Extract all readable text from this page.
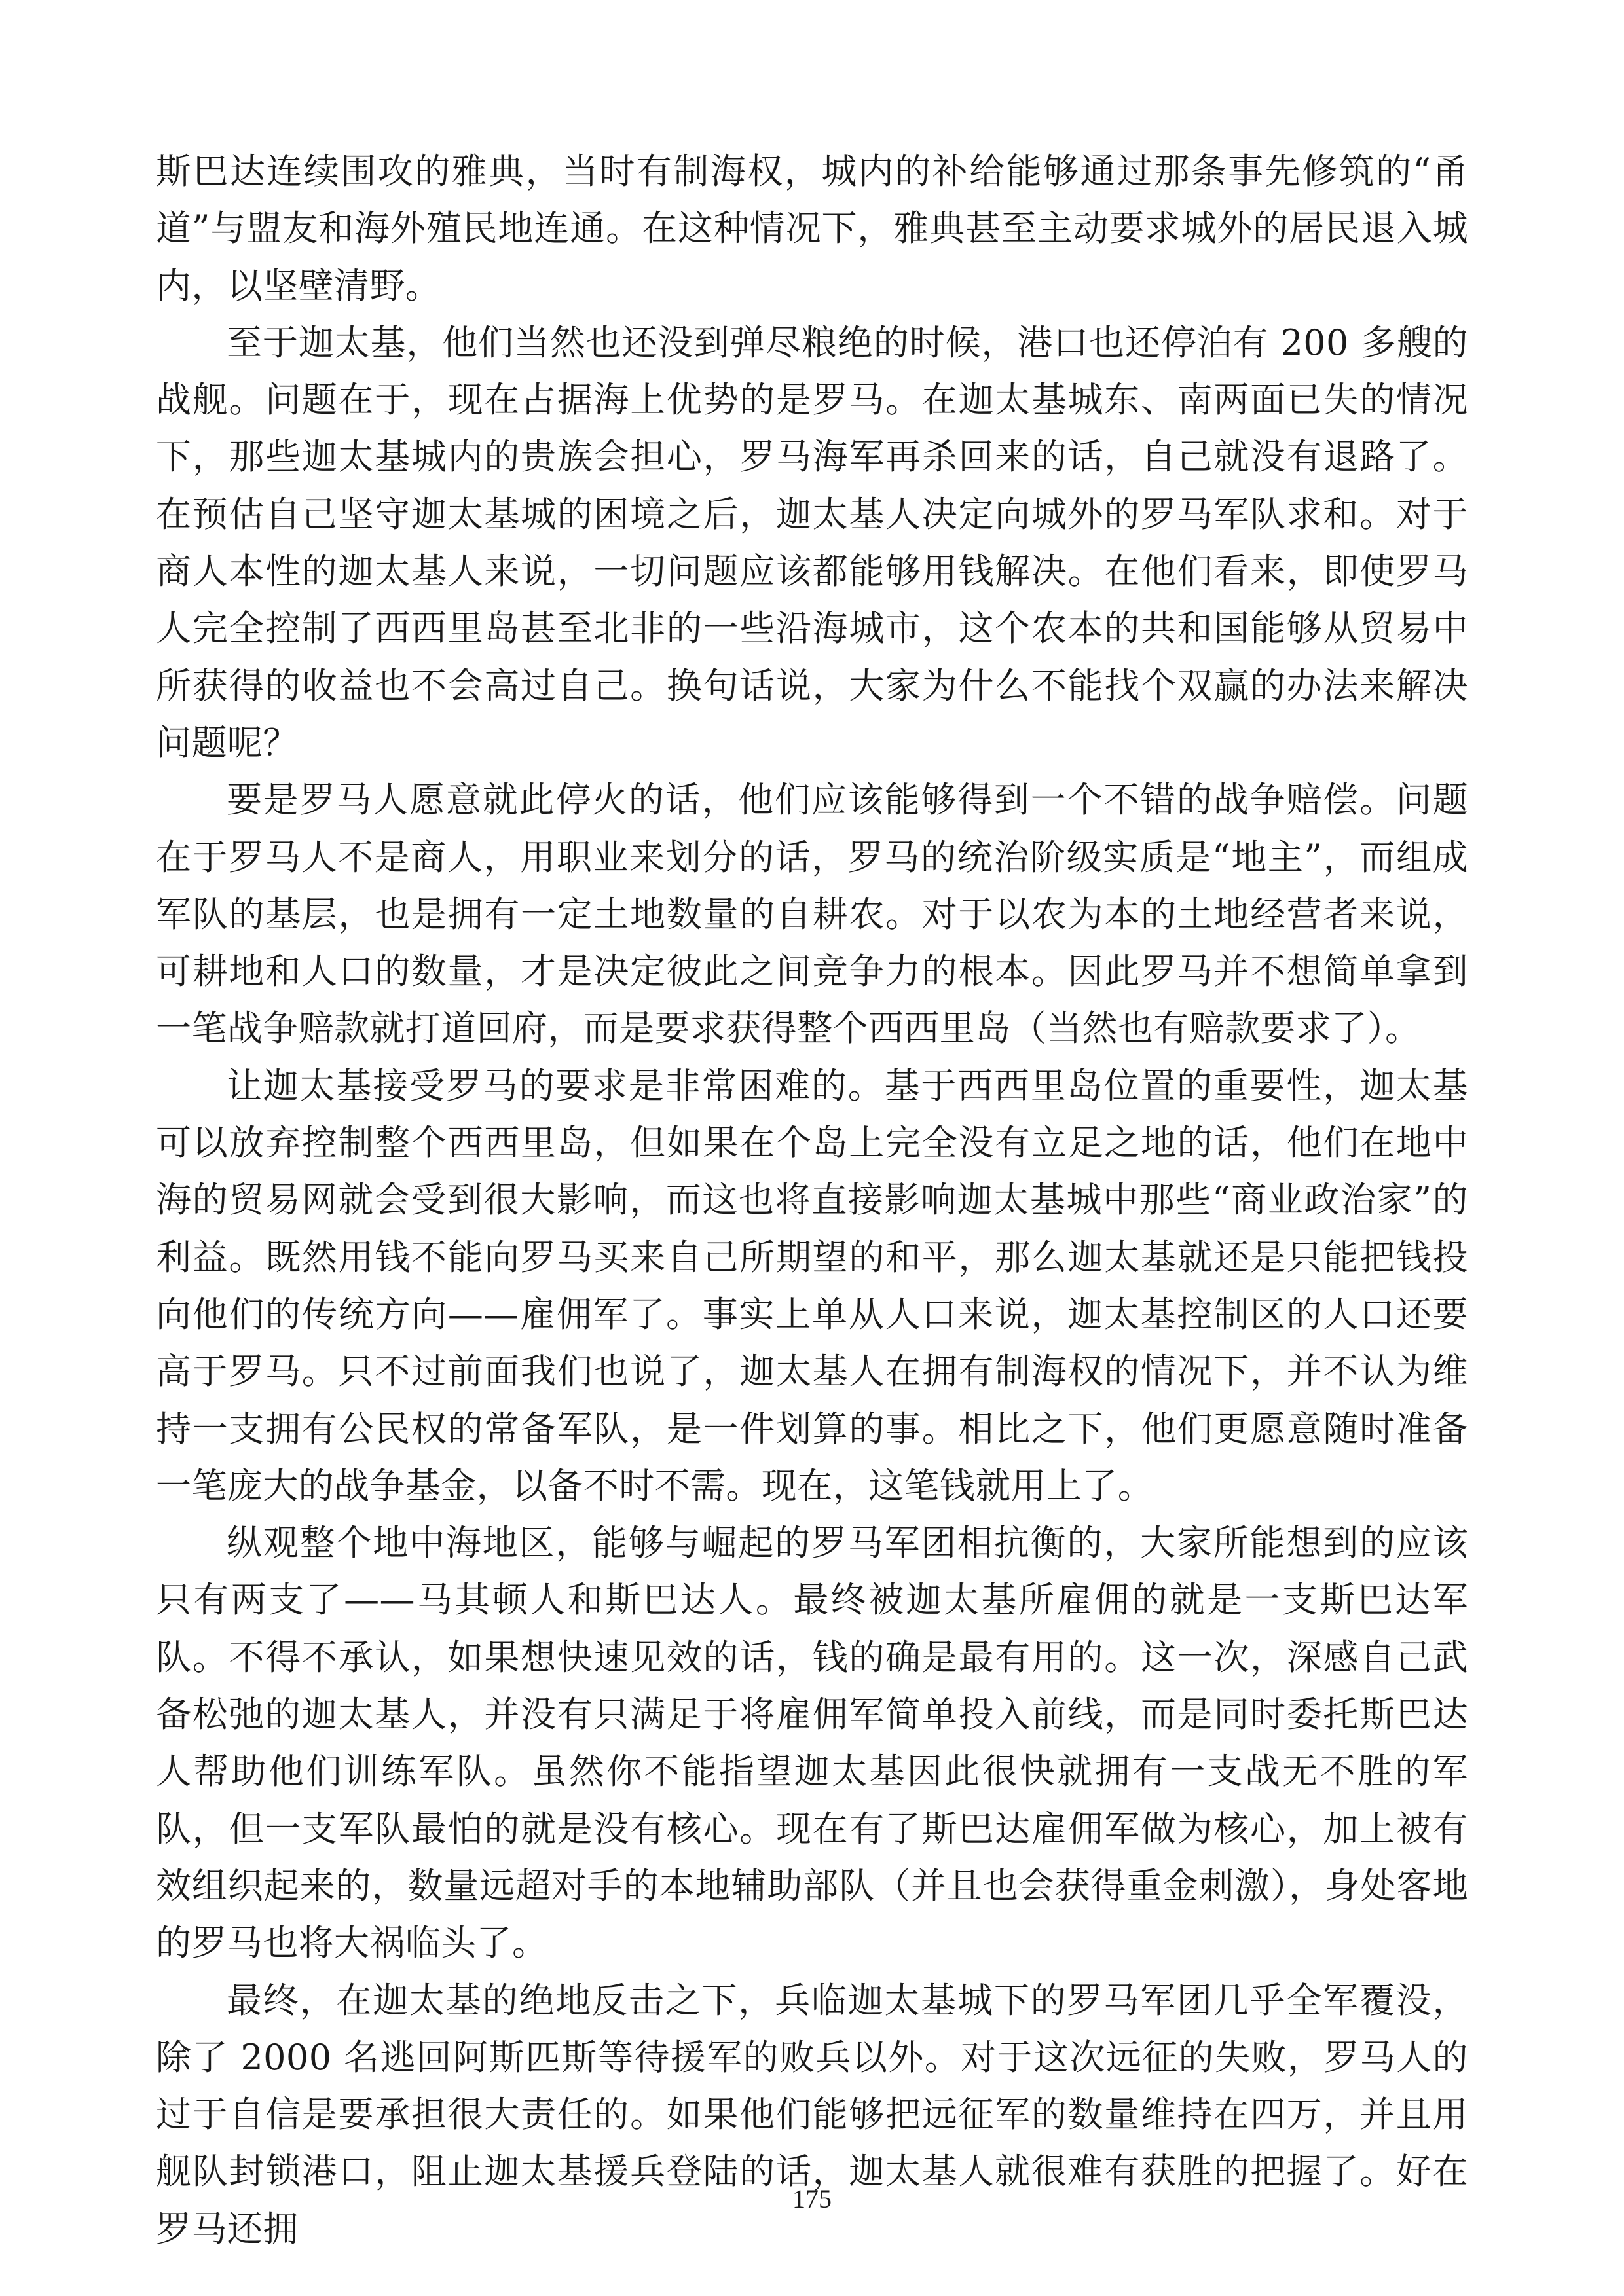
斯巴达连续围攻的雅典，当时有制海权，城内的补给能够通过那条事先修筑的“甬道”与盟友和海外殖民地连通。在这种情况下，雅典甚至主动要求城外的居民退入城内，以坚壁清野。

至于迦太基，他们当然也还没到弹尽粮绝的时候，港口也还停泊有 200 多艘的战舰。问题在于，现在占据海上优势的是罗马。在迦太基城东、南两面已失的情况下，那些迦太基城内的贵族会担心，罗马海军再杀回来的话，自己就没有退路了。在预估自己坚守迦太基城的困境之后，迦太基人决定向城外的罗马军队求和。对于商人本性的迦太基人来说，一切问题应该都能够用钱解决。在他们看来，即使罗马人完全控制了西西里岛甚至北非的一些沿海城市，这个农本的共和国能够从贸易中所获得的收益也不会高过自己。换句话说，大家为什么不能找个双赢的办法来解决问题呢？

要是罗马人愿意就此停火的话，他们应该能够得到一个不错的战争赔偿。问题在于罗马人不是商人，用职业来划分的话，罗马的统治阶级实质是“地主”，而组成军队的基层，也是拥有一定土地数量的自耕农。对于以农为本的土地经营者来说，可耕地和人口的数量，才是决定彼此之间竞争力的根本。因此罗马并不想简单拿到一笔战争赔款就打道回府，而是要求获得整个西西里岛（当然也有赔款要求了）。

让迦太基接受罗马的要求是非常困难的。基于西西里岛位置的重要性，迦太基可以放弃控制整个西西里岛，但如果在个岛上完全没有立足之地的话，他们在地中海的贸易网就会受到很大影响，而这也将直接影响迦太基城中那些“商业政治家”的利益。既然用钱不能向罗马买来自己所期望的和平，那么迦太基就还是只能把钱投向他们的传统方向——雇佣军了。事实上单从人口来说，迦太基控制区的人口还要高于罗马。只不过前面我们也说了，迦太基人在拥有制海权的情况下，并不认为维持一支拥有公民权的常备军队，是一件划算的事。相比之下，他们更愿意随时准备一笔庞大的战争基金，以备不时不需。现在，这笔钱就用上了。

纵观整个地中海地区，能够与崛起的罗马军团相抗衡的，大家所能想到的应该只有两支了——马其顿人和斯巴达人。最终被迦太基所雇佣的就是一支斯巴达军队。不得不承认，如果想快速见效的话，钱的确是最有用的。这一次，深感自己武备松弛的迦太基人，并没有只满足于将雇佣军简单投入前线，而是同时委托斯巴达人帮助他们训练军队。虽然你不能指望迦太基因此很快就拥有一支战无不胜的军队，但一支军队最怕的就是没有核心。现在有了斯巴达雇佣军做为核心，加上被有效组织起来的，数量远超对手的本地辅助部队（并且也会获得重金刺激），身处客地的罗马也将大祸临头了。

最终，在迦太基的绝地反击之下，兵临迦太基城下的罗马军团几乎全军覆没，除了 2000 名逃回阿斯匹斯等待援军的败兵以外。对于这次远征的失败，罗马人的过于自信是要承担很大责任的。如果他们能够把远征军的数量维持在四万，并且用舰队封锁港口，阻止迦太基援兵登陆的话，迦太基人就很难有获胜的把握了。好在罗马还拥

175
